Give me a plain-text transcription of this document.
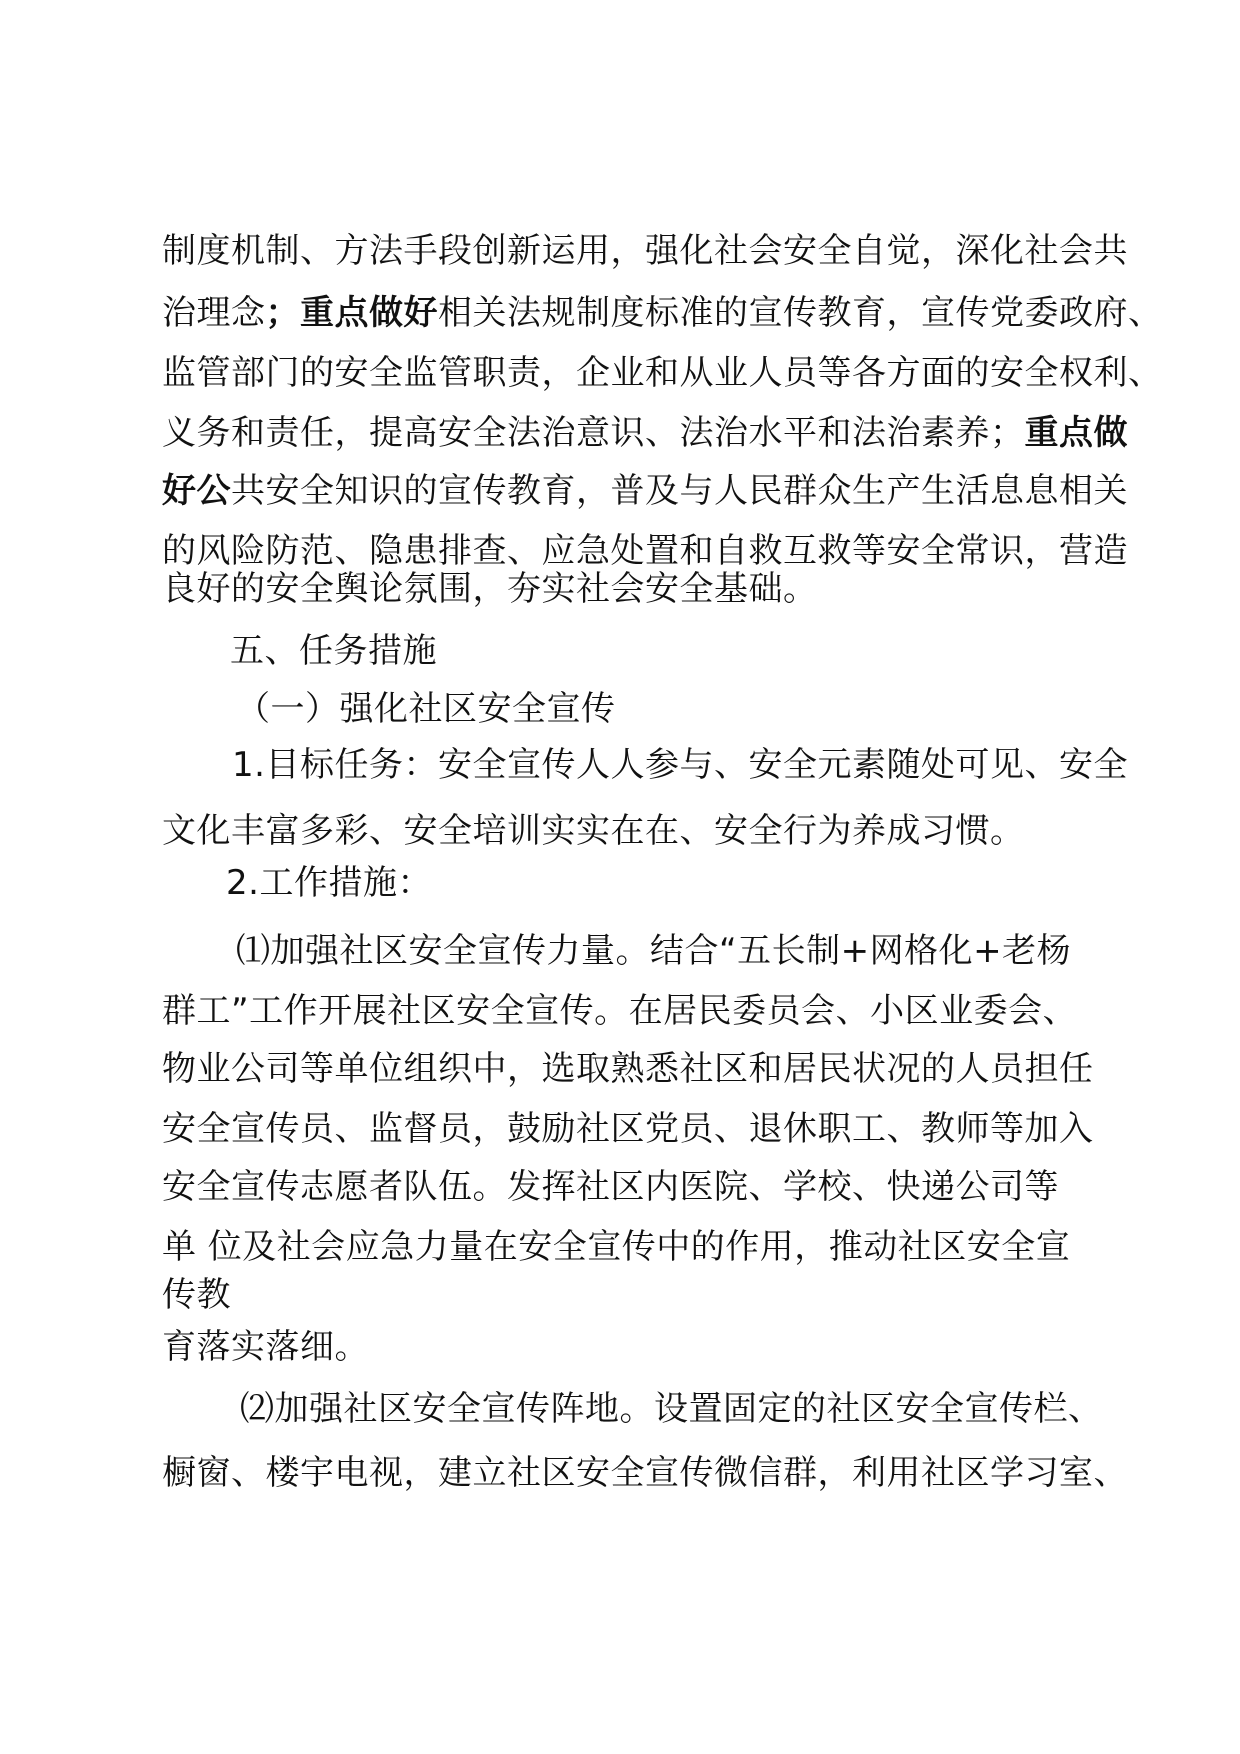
制度机制、方法手段创新运用，强化社会安全自觉，深化社会共
治理念；重点做好相关法规制度标准的宣传教育，宣传党委政府、
监管部门的安全监管职责，企业和从业人员等各方面的安全权利、
义务和责任，提高安全法治意识、法治水平和法治素养；重点做
好公共安全知识的宣传教育，普及与人民群众生产生活息息相关
的风险防范、隐患排查、应急处置和自救互救等安全常识，营造
良好的安全舆论氛围，夯实社会安全基础。
五、任务措施
（一）强化社区安全宣传
1.目标任务：安全宣传人人参与、安全元素随处可见、安全
文化丰富多彩、安全培训实实在在、安全行为养成习惯。
2.工作措施：
⑴加强社区安全宣传力量。结合“五长制+网格化+老杨
群工”工作开展社区安全宣传。在居民委员会、小区业委会、
物业公司等单位组织中，选取熟悉社区和居民状况的人员担任
安全宣传员、监督员，鼓励社区党员、退休职工、教师等加入
安全宣传志愿者队伍。发挥社区内医院、学校、快递公司等
单 位及社会应急力量在安全宣传中的作用，推动社区安全宣
传教
育落实落细。
⑵加强社区安全宣传阵地。设置固定的社区安全宣传栏、
橱窗、楼宇电视，建立社区安全宣传微信群，利用社区学习室、
